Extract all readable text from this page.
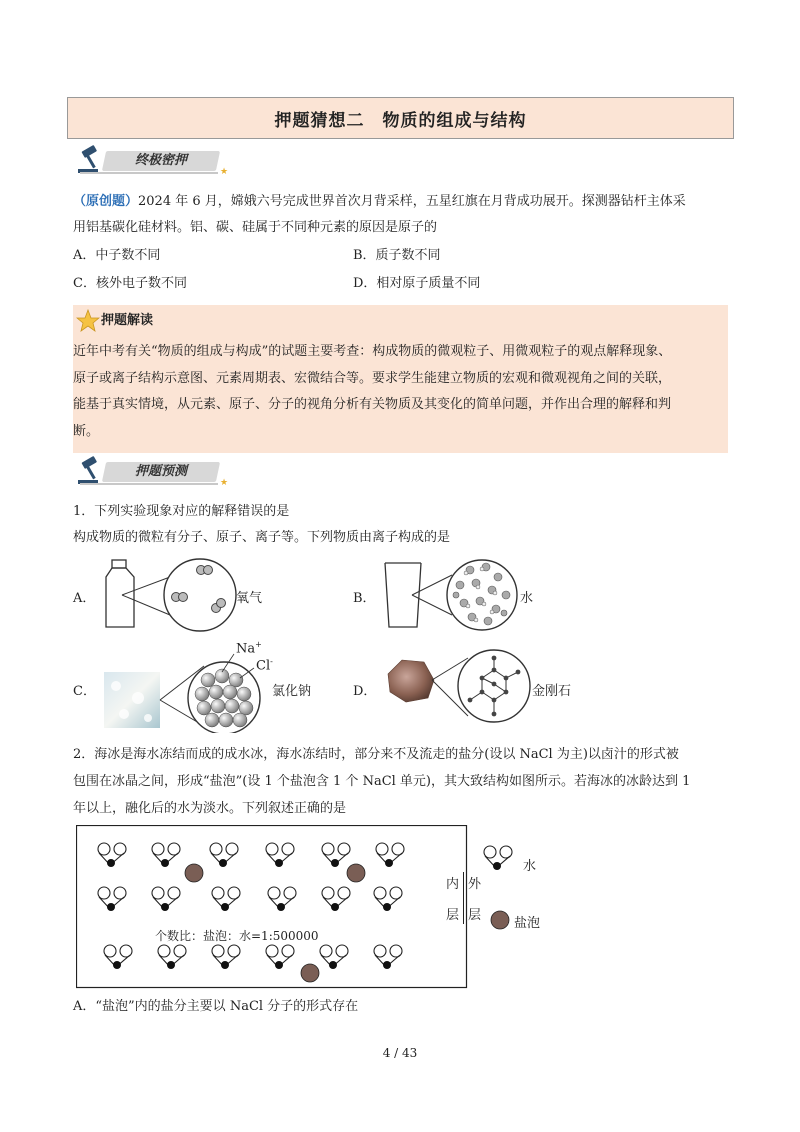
押题猜想二　物质的组成与结构
终极密押
★
（原创题）2024 年 6 月，嫦娥六号完成世界首次月背采样，五星红旗在月背成功展开。探测器钻杆主体采
用铝基碳化硅材料。铝、碳、硅属于不同种元素的原因是原子的
A．中子数不同	B．质子数不同
C．核外电子数不同	D．相对原子质量不同
押题解读
近年中考有关“物质的组成与构成”的试题主要考查：构成物质的微观粒子、用微观粒子的观点解释现象、
原子或离子结构示意图、元素周期表、宏微结合等。要求学生能建立物质的宏观和微观视角之间的关联，
能基于真实情境，从元素、原子、分子的视角分析有关物质及其变化的简单问题，并作出合理的解释和判
断。
押题预测
★
1．下列实验现象对应的解释错误的是
构成物质的微粒有分子、原子、离子等。下列物质由离子构成的是
A．	氧气	B．	水
C．
Na+
Cl-
氯化钠	D．	金刚石
2．海冰是海水冻结而成的成水冰，海水冻结时，部分来不及流走的盐分(设以 NaCl 为主)以卤汁的形式被
包围在冰晶之间，形成“盐泡”(设 1 个盐泡含 1 个 NaCl 单元)，其大致结构如图所示。若海冰的冰龄达到 1
年以上，融化后的水为淡水。下列叙述正确的是
个数比：盐泡：水=1:500000
内
层
外
层
水
盐泡
A．“盐泡”内的盐分主要以 NaCl 分子的形式存在
4 / 43
